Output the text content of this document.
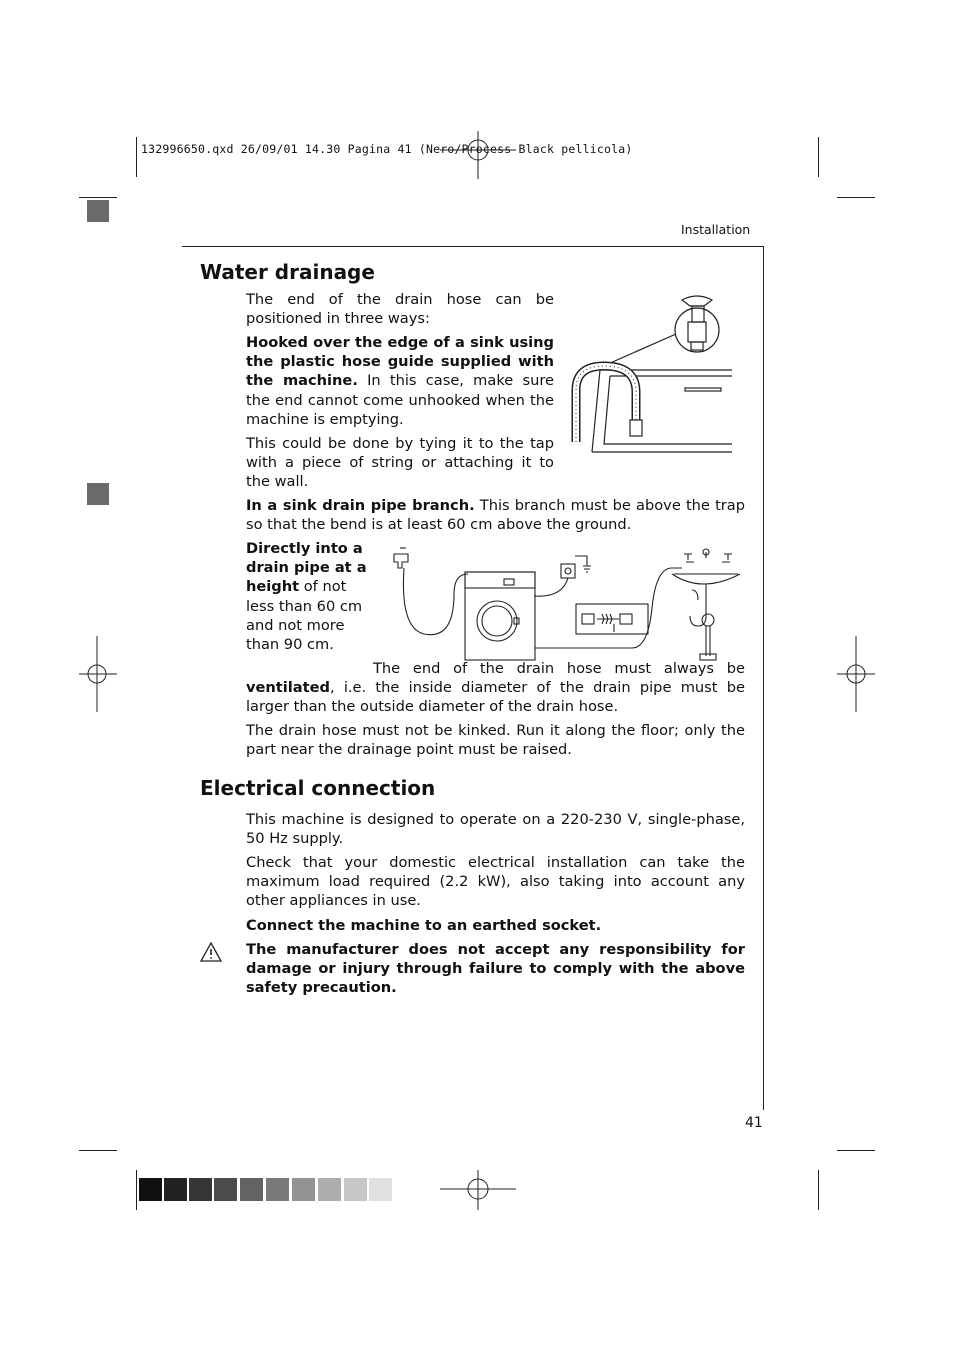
132996650.qxd 26/09/01 14.30 Pagina 41 (Nero/Process Black pellicola)
Installation
Water drainage

The end of the drain hose can be positioned in three ways:

Hooked over the edge of a sink using the plastic hose guide supplied with the machine. In this case, make sure the end cannot come unhooked when the machine is emptying.

This could be done by tying it to the tap with a piece of string or attaching it to the wall.

In a sink drain pipe branch. This branch must be above the trap so that the bend is at least 60 cm above the ground.

Directly into a drain pipe at a height of not less than 60 cm and not more than 90 cm.

The end of the drain hose must always be ventilated, i.e. the inside diameter of the drain pipe must be larger than the outside diameter of the drain hose.

The drain hose must not be kinked. Run it along the floor; only the part near the drainage point must be raised.

Electrical connection

This machine is designed to operate on a 220-230 V, single-phase, 50 Hz supply.

Check that your domestic electrical installation can take the maximum load required (2.2 kW), also taking into account any other appliances in use.

Connect the machine to an earthed socket.

The manufacturer does not accept any responsibility for damage or injury through failure to comply with the above safety precaution.

41
